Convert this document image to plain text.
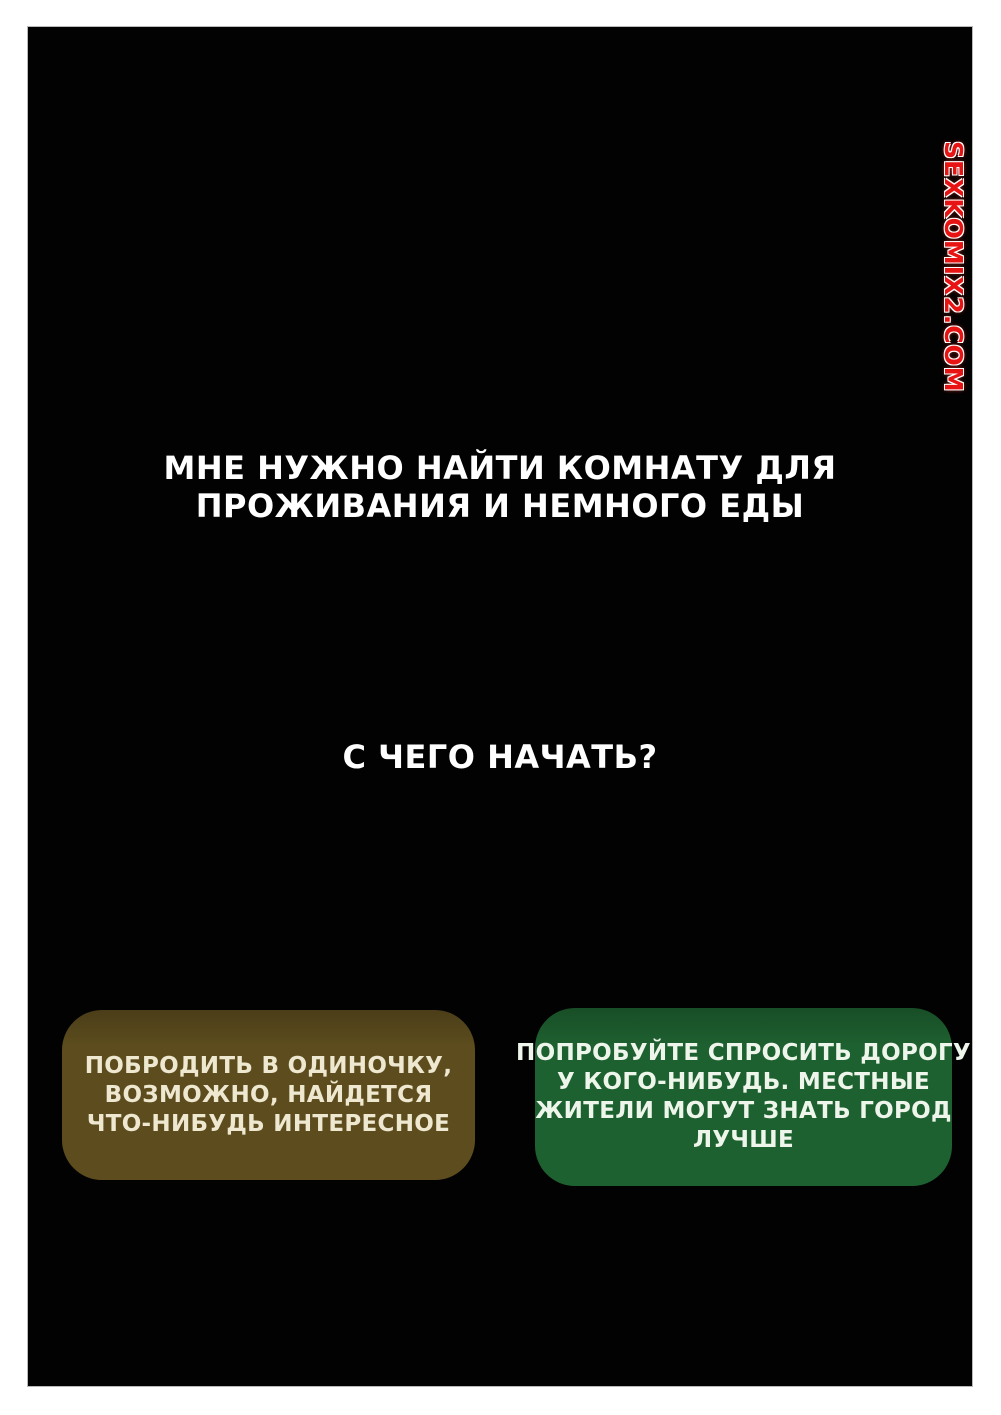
SEXKOMIX2.COM
МНЕ НУЖНО НАЙТИ КОМНАТУ ДЛЯ
ПРОЖИВАНИЯ И НЕМНОГО ЕДЫ
С ЧЕГО НАЧАТЬ?
ПОБРОДИТЬ В ОДИНОЧКУ,
ВОЗМОЖНО, НАЙДЕТСЯ
ЧТО-НИБУДЬ ИНТЕРЕСНОЕ
ПОПРОБУЙТЕ СПРОСИТЬ ДОРОГУ
У КОГО-НИБУДЬ. МЕСТНЫЕ
ЖИТЕЛИ МОГУТ ЗНАТЬ ГОРОД
ЛУЧШЕ
